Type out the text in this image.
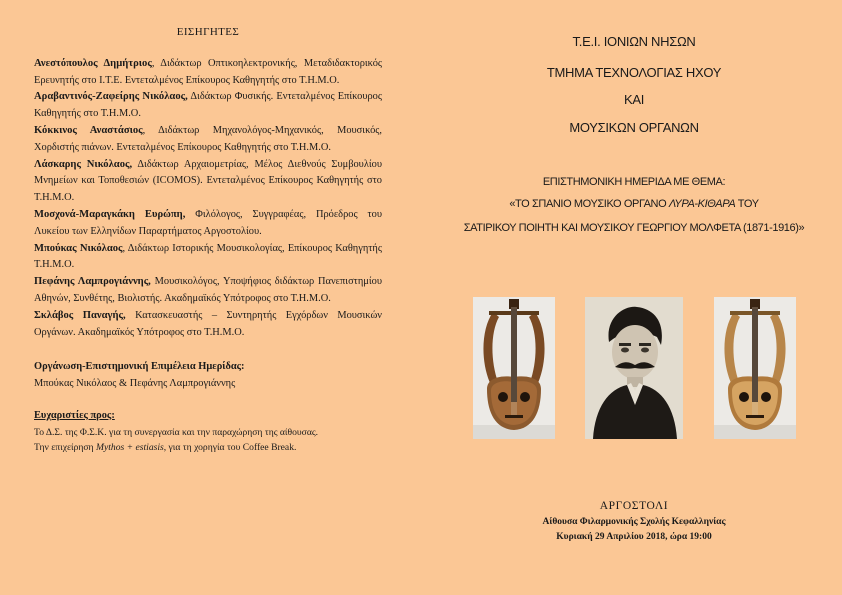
ΕΙΣΗΓΗΤΕΣ

Ανεστόπουλος Δημήτριος, Διδάκτωρ Οπτικοηλεκτρονικής, Μεταδιδακτορικός Ερευνητής στο Ι.Τ.Ε. Εντεταλμένος Επίκουρος Καθηγητής στο Τ.Η.Μ.Ο.

Αραβαντινός-Ζαφείρης Νικόλαος, Διδάκτωρ Φυσικής. Εντεταλμένος Επίκουρος Καθηγητής στο Τ.Η.Μ.Ο.

Κόκκινος Αναστάσιος, Διδάκτωρ Μηχανολόγος-Μηχανικός, Μουσικός, Χορδιστής πιάνων. Εντεταλμένος Επίκουρος Καθηγητής στο Τ.Η.Μ.Ο.

Λάσκαρης Νικόλαος, Διδάκτωρ Αρχαιομετρίας, Μέλος Διεθνούς Συμβουλίου Μνημείων και Τοποθεσιών (ICOMOS). Εντεταλμένος Επίκουρος Καθηγητής στο Τ.Η.Μ.Ο.

Μοσχονά-Μαραγκάκη Ευρώπη, Φιλόλογος, Συγγραφέας, Πρόεδρος του Λυκείου των Ελληνίδων Παραρτήματος Αργοστολίου.

Μπούκας Νικόλαος, Διδάκτωρ Ιστορικής Μουσικολογίας, Επίκουρος Καθηγητής Τ.Η.Μ.Ο.

Πεφάνης Λαμπρογιάννης, Μουσικολόγος, Υποψήφιος διδάκτωρ Πανεπιστημίου Αθηνών, Συνθέτης, Βιολιστής. Ακαδημαϊκός Υπότροφος στο Τ.Η.Μ.Ο.

Σκλάβος Παναγής, Κατασκευαστής – Συντηρητής Εγχόρδων Μουσικών Οργάνων. Ακαδημαϊκός Υπότροφος στο Τ.Η.Μ.Ο.

Οργάνωση-Επιστημονική Επιμέλεια Ημερίδας:

Μπούκας Νικόλαος & Πεφάνης Λαμπρογιάννης

Ευχαριστίες προς:
Το Δ.Σ. της Φ.Σ.Κ. για τη συνεργασία και την παραχώρηση της αίθουσας.
Την επιχείρηση Mythos + estiasis, για τη χορηγία του Coffee Break.
Τ.Ε.Ι. ΙΟΝΙΩΝ ΝΗΣΩΝ
ΤΜΗΜΑ ΤΕΧΝΟΛΟΓΙΑΣ ΗΧΟΥ
ΚΑΙ
ΜΟΥΣΙΚΩΝ ΟΡΓΑΝΩΝ
ΕΠΙΣΤΗΜΟΝΙΚΗ ΗΜΕΡΙΔΑ ΜΕ ΘΕΜΑ:
«ΤΟ ΣΠΑΝΙΟ ΜΟΥΣΙΚΟ ΟΡΓΑΝΟ ΛΥΡΑ-ΚΙΘΑΡΑ ΤΟΥ
ΣΑΤΙΡΙΚΟΥ ΠΟΙΗΤΗ ΚΑΙ ΜΟΥΣΙΚΟΥ ΓΕΩΡΓΙΟΥ ΜΟΛΦΕΤΑ (1871-1916)»
ΑΡΓΟΣΤΟΛΙ
Αίθουσα Φιλαρμονικής Σχολής Κεφαλληνίας
Κυριακή 29 Απριλίου 2018, ώρα 19:00
